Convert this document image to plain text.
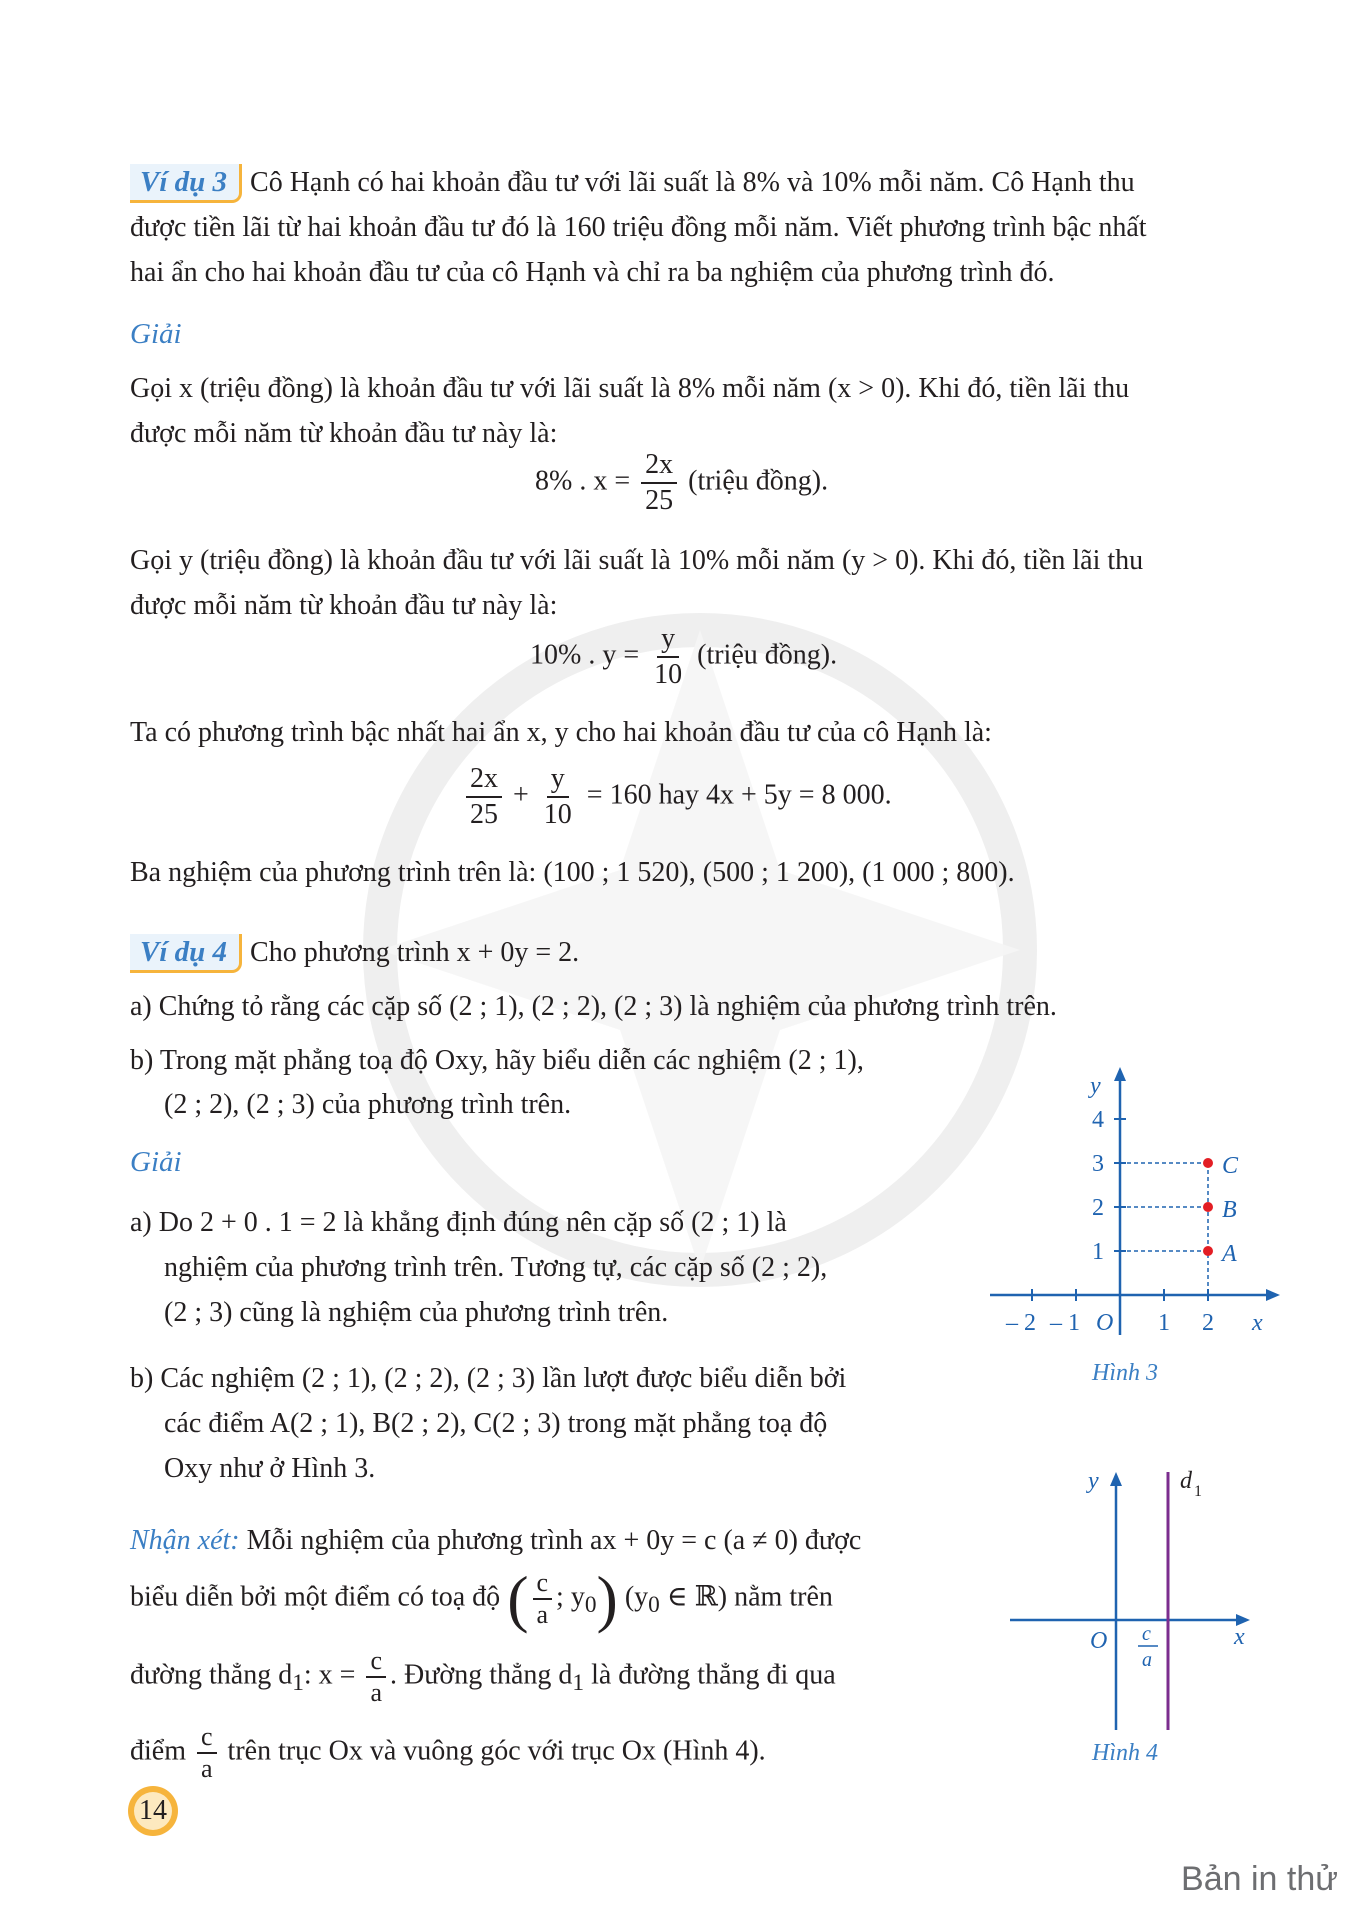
Ví dụ 3 Cô Hạnh có hai khoản đầu tư với lãi suất là 8% và 10% mỗi năm. Cô Hạnh thu
được tiền lãi từ hai khoản đầu tư đó là 160 triệu đồng mỗi năm. Viết phương trình bậc nhất
hai ẩn cho hai khoản đầu tư của cô Hạnh và chỉ ra ba nghiệm của phương trình đó.
Giải
Gọi x (triệu đồng) là khoản đầu tư với lãi suất là 8% mỗi năm (x > 0). Khi đó, tiền lãi thu
được mỗi năm từ khoản đầu tư này là:
8% . $x = \frac{2x}{25}$ (triệu đồng).
Gọi y (triệu đồng) là khoản đầu tư với lãi suất là 10% mỗi năm (y > 0). Khi đó, tiền lãi thu
được mỗi năm từ khoản đầu tư này là:
10% . $y = \frac{y}{10}$ (triệu đồng).
Ta có phương trình bậc nhất hai ẩn x, y cho hai khoản đầu tư của cô Hạnh là:
$\frac{2x}{25} + \frac{y}{10} = 160$ hay 4x + 5y = 8 000.
Ba nghiệm của phương trình trên là: (100 ; 1 520), (500 ; 1 200), (1 000 ; 800).
Ví dụ 4 Cho phương trình x + 0y = 2.
a) Chứng tỏ rằng các cặp số (2 ; 1), (2 ; 2), (2 ; 3) là nghiệm của phương trình trên.
b) Trong mặt phẳng toạ độ Oxy, hãy biểu diễn các nghiệm (2 ; 1),
(2 ; 2), (2 ; 3) của phương trình trên.
Giải
a) Do 2 + 0 . 1 = 2 là khẳng định đúng nên cặp số (2 ; 1) là
nghiệm của phương trình trên. Tương tự, các cặp số (2 ; 2),
(2 ; 3) cũng là nghiệm của phương trình trên.
b) Các nghiệm (2 ; 1), (2 ; 2), (2 ; 3) lần lượt được biểu diễn bởi
các điểm A(2 ; 1), B(2 ; 2), C(2 ; 3) trong mặt phẳng toạ độ
Oxy như ở Hình 3.
Nhận xét: Mỗi nghiệm của phương trình ax + 0y = c (a ≠ 0) được
biểu diễn bởi một điểm có toạ độ ( $\frac{c}{a}$ ; $y_0$) ($y_0$ ∈ ℝ) nằm trên
đường thẳng $d_1$: $x = \frac{c}{a}$ . Đường thẳng $d_1$ là đường thẳng đi qua
điểm $\frac{c}{a}$ trên trục Ox và vuông góc với trục Ox (Hình 4).
y
x
O
1
2
3
4
– 2 – 1	1 2
A
B
C
Hình 3
y
x
O c
a
d 1
Hình 4
14
Bản in thử
